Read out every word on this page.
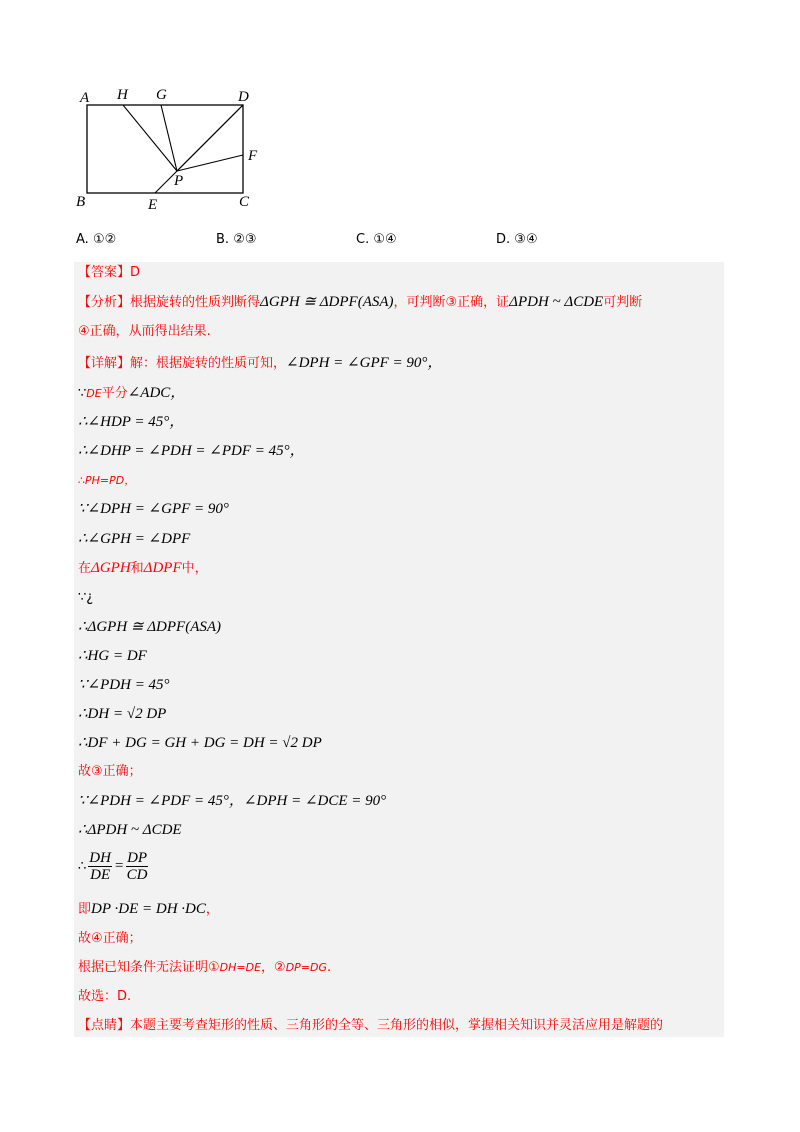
A H G	D
F
P
B	E	C
A. ①②	B. ②③	C. ①④	D. ③④
【答案】D
【分析】根据旋转的性质判断得ΔGPH ≅ ΔDPF(ASA)，可判断③正确，证ΔPDH ~ ΔCDE可判断
④正确，从而得出结果.
【详解】解：根据旋转的性质可知，∠DPH = ∠GPF = 90°，
∵DE平分∠ADC，
∴∠HDP = 45°，
∴∠DHP = ∠PDH = ∠PDF = 45°，
∴PH=PD，
∵∠DPH = ∠GPF = 90°
∴∠GPH = ∠DPF
在ΔGPH和ΔDPF中，
∵¿
∴ΔGPH ≅ ΔDPF(ASA)
∴HG = DF
∵∠PDH = 45°
∴DH = √2 DP
∴DF + DG = GH + DG = DH = √2 DP
故③正确；
∵∠PDH = ∠PDF = 45°，∠DPH = ∠DCE = 90°
∴ΔPDH ~ ΔCDE
∴ $\frac{DH}{DE} = \frac{DP}{CD}$
即DP ·DE = DH ·DC，
故④正确；
根据已知条件无法证明①DH=DE，②DP=DG.
故选：D.
【点睛】本题主要考查矩形的性质、三角形的全等、三角形的相似，掌握相关知识并灵活应用是解题的
